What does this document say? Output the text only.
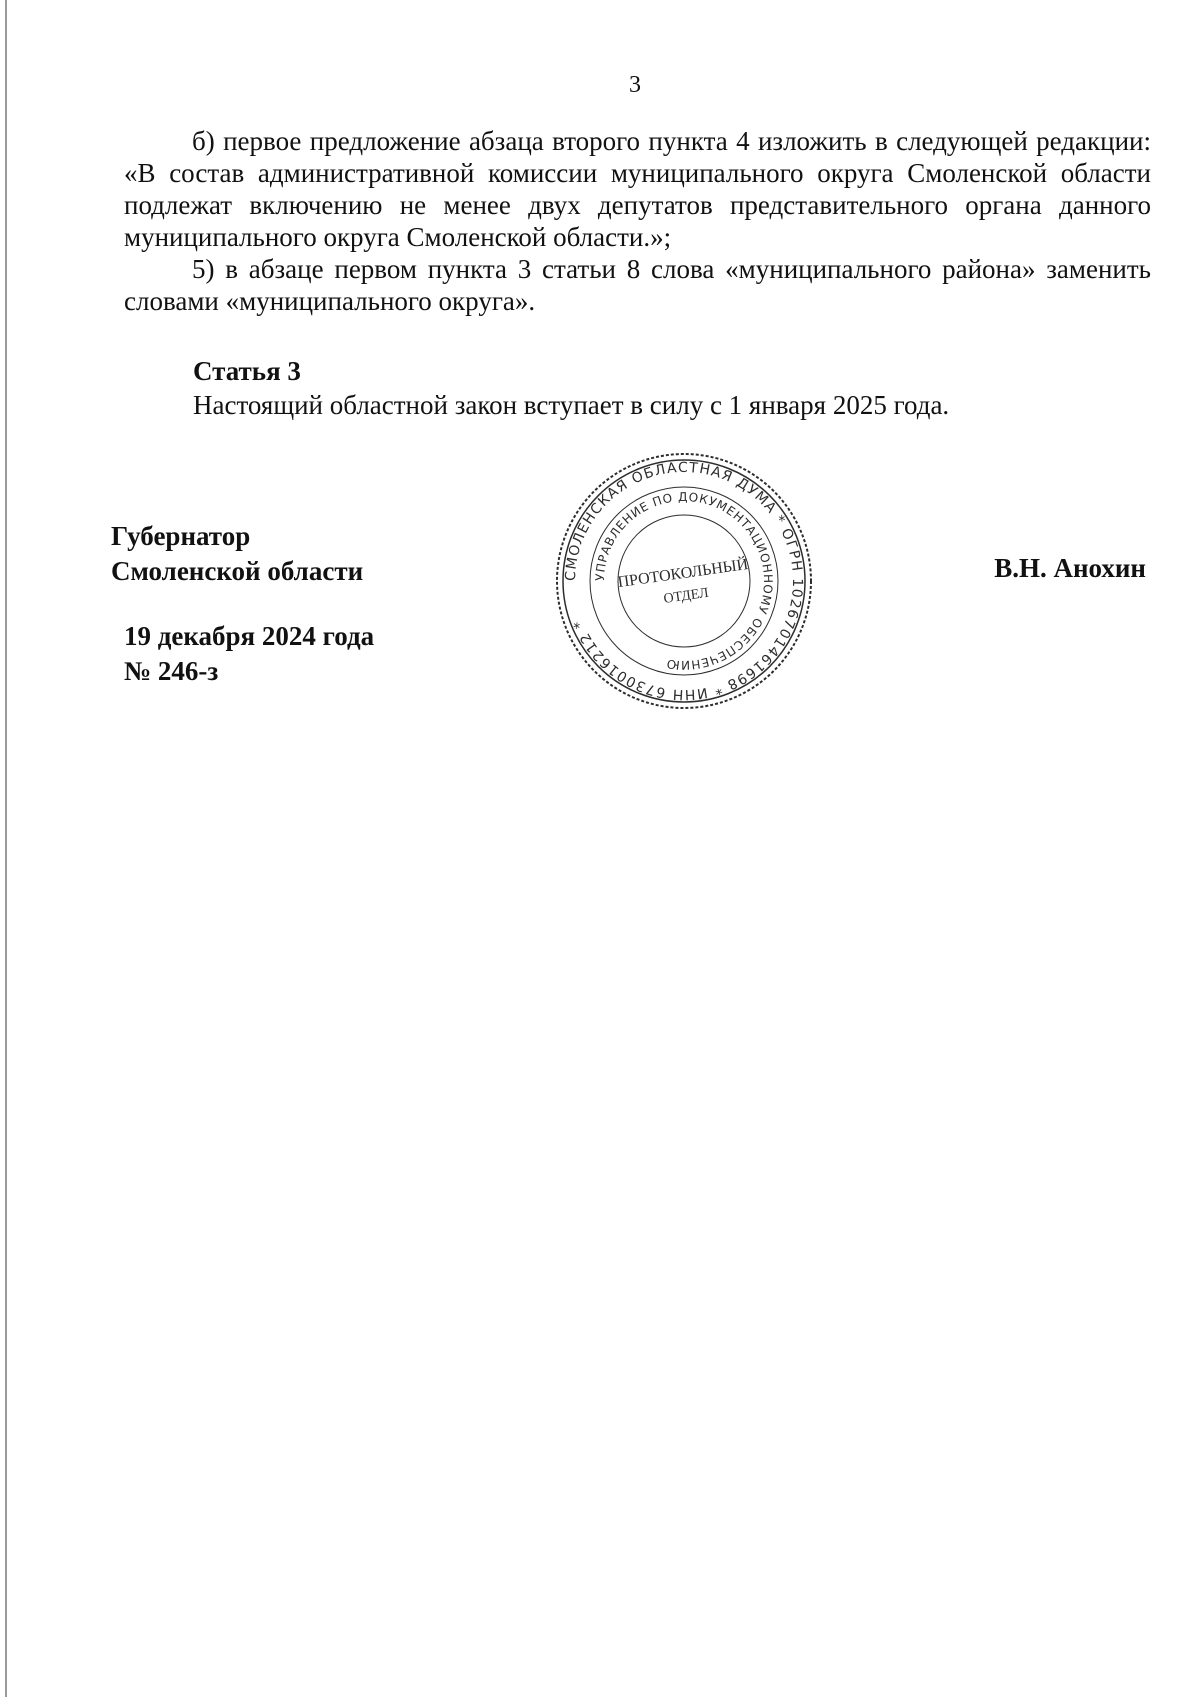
3

б) первое предложение абзаца второго пункта 4 изложить в следующей редакции: «В состав административной комиссии муниципального округа Смоленской области подлежат включению не менее двух депутатов представительного органа данного муниципального округа Смоленской области.»;

5) в абзаце первом пункта 3 статьи 8 слова «муниципального района» заменить словами «муниципального округа».

Статья 3
Настоящий областной закон вступает в силу с 1 января 2025 года.
Губернатор
Смоленской области	В.Н. Анохин
19 декабря 2024 года
№ 246-з
СМОЛЕНСКАЯ ОБЛАСТНАЯ ДУМА * ОГРН 1026701461698 * ИНН 6730016212 *
УПРАВЛЕНИЕ ПО ДОКУМЕНТАЦИОННОМУ ОБЕСПЕЧЕНИЮ
ПРОТОКОЛЬНЫЙ
ОТДЕЛ
